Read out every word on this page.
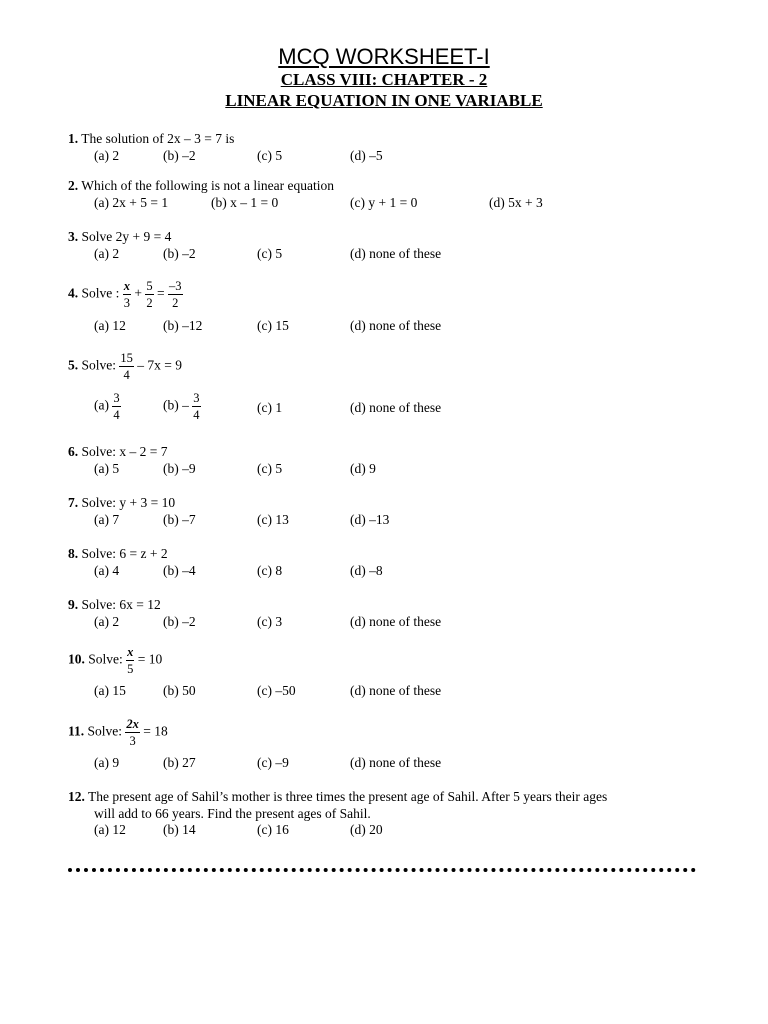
MCQ WORKSHEET-I
CLASS VIII: CHAPTER - 2
LINEAR EQUATION IN ONE VARIABLE
1. The solution of 2x – 3 = 7 is
(a) 2	(b) –2	(c) 5	(d) –5
2. Which of the following is not a linear equation
(a) 2x + 5 = 1	(b) x – 1 = 0	(c) y + 1 = 0	(d) 5x + 3
3. Solve 2y + 9 = 4
(a) 2	(b) –2	(c) 5	(d) none of these
4. Solve : $\frac{x}{3} + \frac{5}{2} = \frac{-3}{2}$
(a) 12	(b) –12	(c) 15	(d) none of these
5. Solve: $\frac{15}{4} - 7x = 9$
$(a) \frac{3}{4}$	$(b) - \frac{3}{4}$	(c) 1	(d) none of these
6. Solve: x – 2 = 7
(a) 5	(b) –9	(c) 5	(d) 9
7. Solve: y + 3 = 10
(a) 7	(b) –7	(c) 13	(d) –13
8. Solve: 6 = z + 2
(a) 4	(b) –4	(c) 8	(d) –8
9. Solve: 6x = 12
(a) 2	(b) –2	(c) 3	(d) none of these
10. Solve: $\frac{x}{5} = 10$
(a) 15	(b) 50	(c) –50	(d) none of these
11. Solve: $\frac{2x}{3} = 18$
(a) 9	(b) 27	(c) –9	(d) none of these
12. The present age of Sahil’s mother is three times the present age of Sahil. After 5 years their ages
will add to 66 years. Find the present ages of Sahil.
(a) 12	(b) 14	(c) 16	(d) 20
